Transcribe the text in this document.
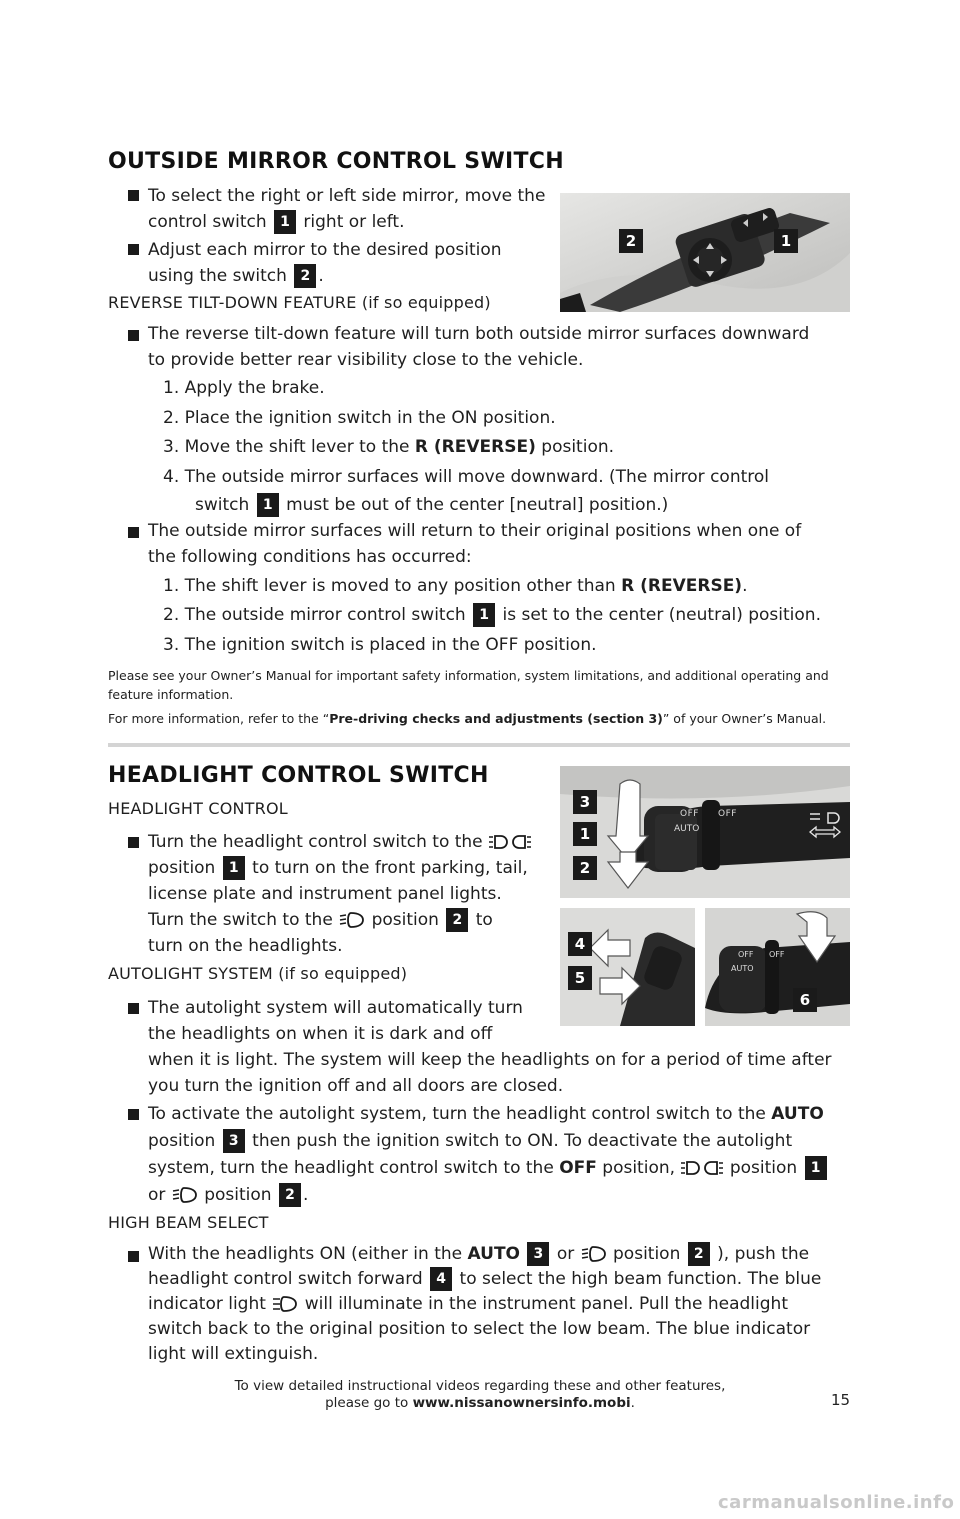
OUTSIDE MIRROR CONTROL SWITCH
To select the right or left side mirror, move the
control switch 1 right or left.
Adjust each mirror to the desired position
using the switch 2 .
2	1
REVERSE TILT-DOWN FEATURE (if so equipped)
The reverse tilt-down feature will turn both outside mirror surfaces downward
to provide better rear visibility close to the vehicle.
1. Apply the brake.
2. Place the ignition switch in the ON position.
3. Move the shift lever to the R (REVERSE) position.
4. The outside mirror surfaces will move downward. (The mirror control
switch 1 must be out of the center [neutral] position.)
The outside mirror surfaces will return to their original positions when one of
the following conditions has occurred:
1. The shift lever is moved to any position other than R (REVERSE).
2. The outside mirror control switch 1 is set to the center (neutral) position.
3. The ignition switch is placed in the OFF position.
Please see your Owner’s Manual for important safety information, system limitations, and additional operating and
feature information.
For more information, refer to the “Pre-driving checks and adjustments (section 3)” of your Owner’s Manual.
HEADLIGHT CONTROL SWITCH
HEADLIGHT CONTROL
Turn the headlight control switch to the
position 1 to turn on the front parking, tail,
license plate and instrument panel lights.
Turn the switch to the position 2 to
turn on the headlights.
AUTOLIGHT SYSTEM (if so equipped)
The autolight system will automatically turn
the headlights on when it is dark and off
when it is light. The system will keep the headlights on for a period of time after
you turn the ignition off and all doors are closed.
To activate the autolight system, turn the headlight control switch to the AUTO
position 3 then push the ignition switch to ON. To deactivate the autolight
system, turn the headlight control switch to the OFF position,	position 1
or position 2 .
HIGH BEAM SELECT
With the headlights ON (either in the AUTO 3 or position 2 ), push the
headlight control switch forward 4 to select the high beam function. The blue
indicator light will illuminate in the instrument panel. Pull the headlight
switch back to the original position to select the low beam. The blue indicator
light will extinguish.
OFF OFF
AUTO
3
1
2
4
5
OFF OFF
AUTO
6
To view detailed instructional videos regarding these and other features,
please go to www.nissanownersinfo.mobi.	15
carmanualsonline.info
